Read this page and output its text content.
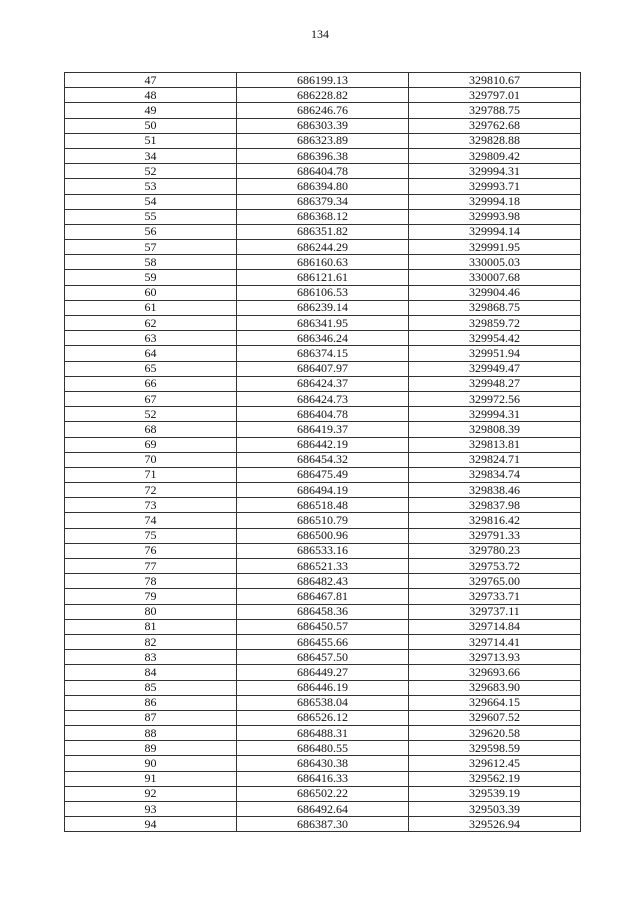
134
47	686199.13	329810.67
48	686228.82	329797.01
49	686246.76	329788.75
50	686303.39	329762.68
51	686323.89	329828.88
34	686396.38	329809.42
52	686404.78	329994.31
53	686394.80	329993.71
54	686379.34	329994.18
55	686368.12	329993.98
56	686351.82	329994.14
57	686244.29	329991.95
58	686160.63	330005.03
59	686121.61	330007.68
60	686106.53	329904.46
61	686239.14	329868.75
62	686341.95	329859.72
63	686346.24	329954.42
64	686374.15	329951.94
65	686407.97	329949.47
66	686424.37	329948.27
67	686424.73	329972.56
52	686404.78	329994.31
68	686419.37	329808.39
69	686442.19	329813.81
70	686454.32	329824.71
71	686475.49	329834.74
72	686494.19	329838.46
73	686518.48	329837.98
74	686510.79	329816.42
75	686500.96	329791.33
76	686533.16	329780.23
77	686521.33	329753.72
78	686482.43	329765.00
79	686467.81	329733.71
80	686458.36	329737.11
81	686450.57	329714.84
82	686455.66	329714.41
83	686457.50	329713.93
84	686449.27	329693.66
85	686446.19	329683.90
86	686538.04	329664.15
87	686526.12	329607.52
88	686488.31	329620.58
89	686480.55	329598.59
90	686430.38	329612.45
91	686416.33	329562.19
92	686502.22	329539.19
93	686492.64	329503.39
94	686387.30	329526.94
